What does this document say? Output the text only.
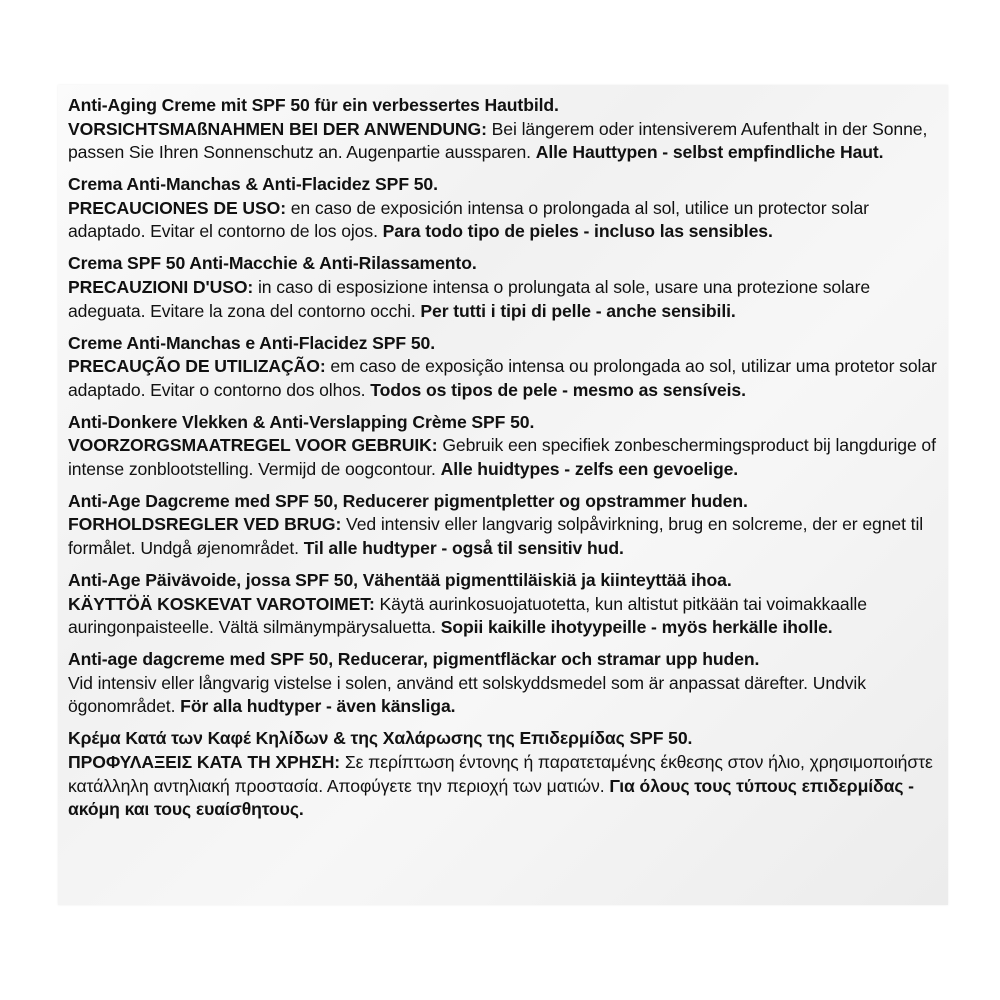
Anti-Aging Creme mit SPF 50 für ein verbessertes Hautbild.
VORSICHTSMAßNAHMEN BEI DER ANWENDUNG: Bei längerem oder intensiverem Aufenthalt in der Sonne, passen Sie Ihren Sonnenschutz an. Augenpartie aussparen. Alle Hauttypen - selbst empfindliche Haut.
Crema Anti-Manchas & Anti-Flacidez SPF 50.
PRECAUCIONES DE USO: en caso de exposición intensa o prolongada al sol, utilice un protector solar adaptado. Evitar el contorno de los ojos. Para todo tipo de pieles - incluso las sensibles.
Crema SPF 50 Anti-Macchie & Anti-Rilassamento.
PRECAUZIONI D'USO: in caso di esposizione intensa o prolungata al sole, usare una protezione solare adeguata. Evitare la zona del contorno occhi. Per tutti i tipi di pelle - anche sensibili.
Creme Anti-Manchas e Anti-Flacidez SPF 50.
PRECAUÇÃO DE UTILIZAÇÃO: em caso de exposição intensa ou prolongada ao sol, utilizar uma protetor solar adaptado. Evitar o contorno dos olhos. Todos os tipos de pele - mesmo as sensíveis.
Anti-Donkere Vlekken & Anti-Verslapping Crème SPF 50.
VOORZORGSMAATREGEL VOOR GEBRUIK: Gebruik een specifiek zonbeschermingsproduct bij langdurige of intense zonblootstelling. Vermijd de oogcontour. Alle huidtypes - zelfs een gevoelige.
Anti-Age Dagcreme med SPF 50, Reducerer pigmentpletter og opstrammer huden.
FORHOLDSREGLER VED BRUG: Ved intensiv eller langvarig solpåvirkning, brug en solcreme, der er egnet til formålet. Undgå øjenområdet. Til alle hudtyper - også til sensitiv hud.
Anti-Age Päivävoide, jossa SPF 50, Vähentää pigmenttiläiskiä ja kiinteyttää ihoa.
KÄYTTÖÄ KOSKEVAT VAROTOIMET: Käytä aurinkosuojatuotetta, kun altistut pitkään tai voimakkaalle auringonpaisteelle. Vältä silmänympärysaluetta. Sopii kaikille ihotyypeille - myös herkälle iholle.
Anti-age dagcreme med SPF 50, Reducerar, pigmentfläckar och stramar upp huden.
Vid intensiv eller långvarig vistelse i solen, använd ett solskyddsmedel som är anpassat därefter. Undvik ögonområdet. För alla hudtyper - även känsliga.
Κρέμα Κατά των Καφέ Κηλίδων & της Χαλάρωσης της Επιδερμίδας SPF 50.
ΠΡΟΦΥΛΑΞΕΙΣ ΚΑΤΑ ΤΗ ΧΡΗΣΗ: Σε περίπτωση έντονης ή παρατεταμένης έκθεσης στον ήλιο, χρησιμοποιήστε κατάλληλη αντηλιακή προστασία. Αποφύγετε την περιοχή των ματιών. Για όλους τους τύπους επιδερμίδας - ακόμη και τους ευαίσθητους.
